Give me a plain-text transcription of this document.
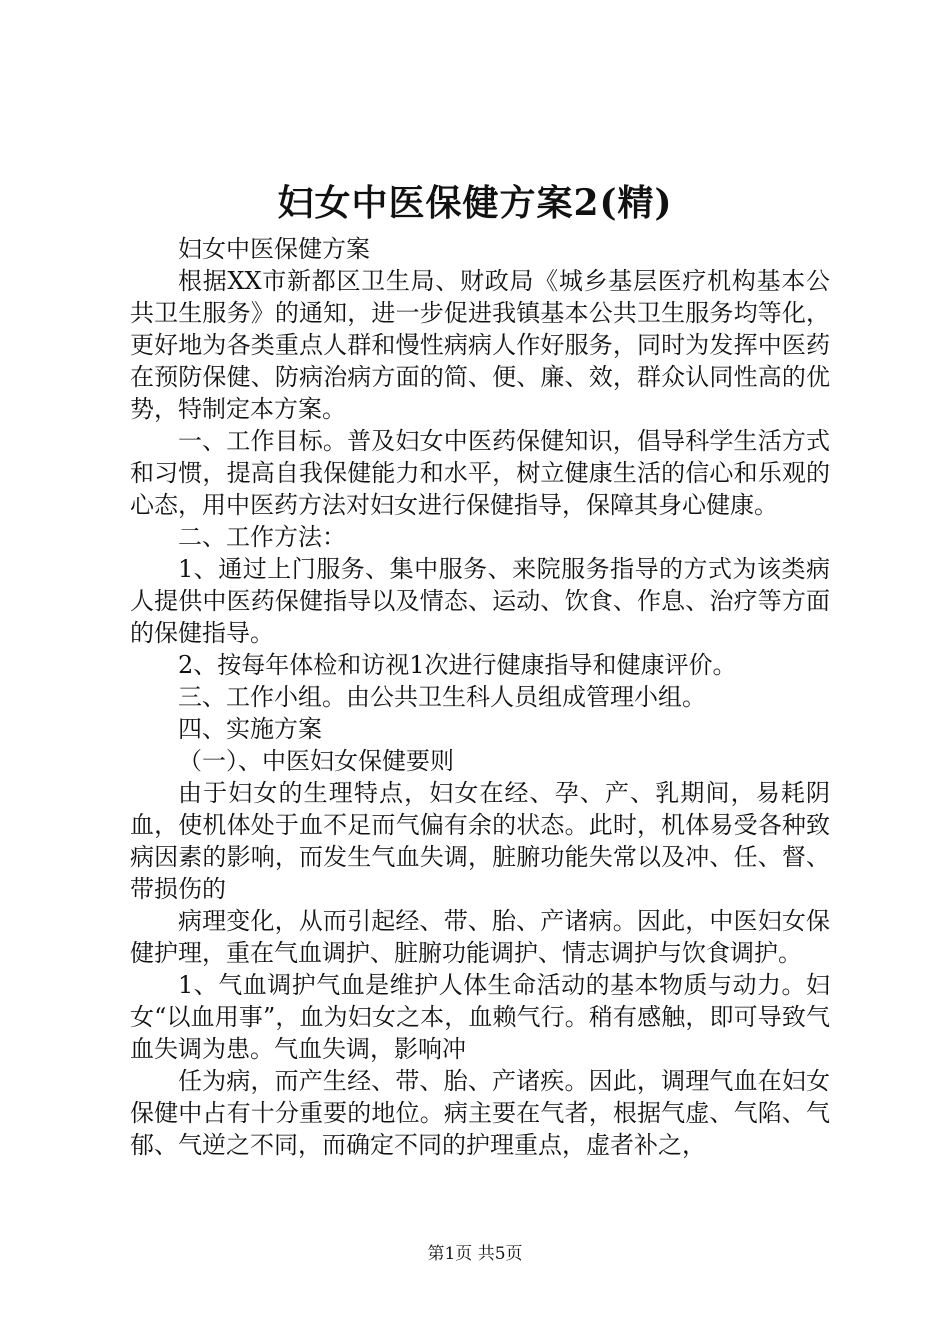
妇女中医保健方案2(精)

妇女中医保健方案

根据XX市新都区卫生局、财政局《城乡基层医疗机构基本公共卫生服务》的通知，进一步促进我镇基本公共卫生服务均等化，更好地为各类重点人群和慢性病病人作好服务，同时为发挥中医药在预防保健、防病治病方面的简、便、廉、效，群众认同性高的优势，特制定本方案。

一、工作目标。普及妇女中医药保健知识，倡导科学生活方式和习惯，提高自我保健能力和水平，树立健康生活的信心和乐观的心态，用中医药方法对妇女进行保健指导，保障其身心健康。

二、工作方法：

1、通过上门服务、集中服务、来院服务指导的方式为该类病人提供中医药保健指导以及情态、运动、饮食、作息、治疗等方面的保健指导。

2、按每年体检和访视1次进行健康指导和健康评价。

三、工作小组。由公共卫生科人员组成管理小组。

四、实施方案

（一）、中医妇女保健要则

由于妇女的生理特点，妇女在经、孕、产、乳期间，易耗阴血，使机体处于血不足而气偏有余的状态。此时，机体易受各种致病因素的影响，而发生气血失调，脏腑功能失常以及冲、任、督、带损伤的

病理变化，从而引起经、带、胎、产诸病。因此，中医妇女保健护理，重在气血调护、脏腑功能调护、情志调护与饮食调护。

1、气血调护气血是维护人体生命活动的基本物质与动力。妇女“以血用事”，血为妇女之本，血赖气行。稍有感触，即可导致气血失调为患。气血失调，影响冲

任为病，而产生经、带、胎、产诸疾。因此，调理气血在妇女保健中占有十分重要的地位。病主要在气者，根据气虚、气陷、气郁、气逆之不同，而确定不同的护理重点，虚者补之，

第1页 共5页
